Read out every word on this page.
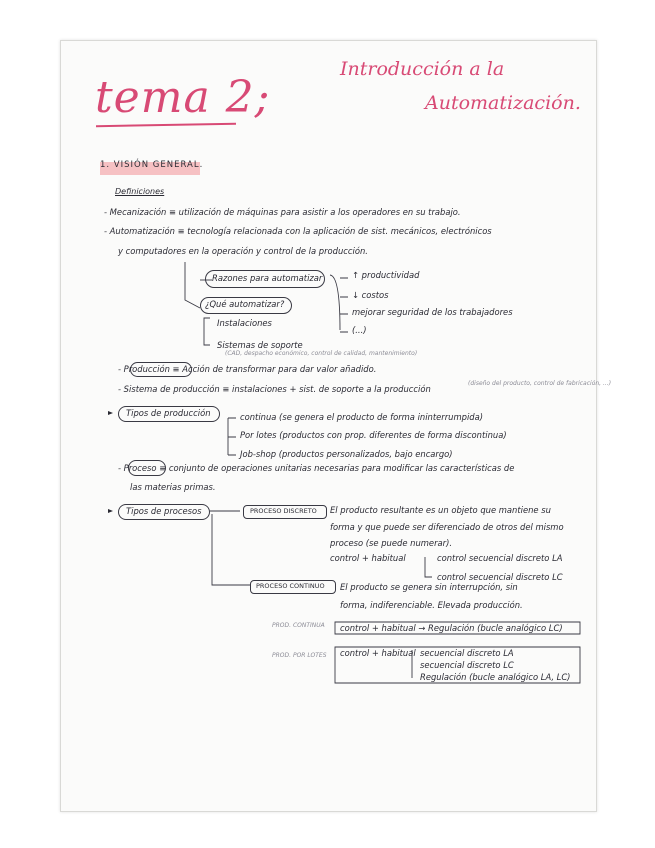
tema 2;
Introducción a la
Automatización.
1. VISIÓN GENERAL.
Definiciones
- Mecanización ≡ utilización de máquinas para asistir a los operadores en su trabajo.
- Automatización ≡ tecnología relacionada con la aplicación de sist. mecánicos, electrónicos
y computadores en la operación y control de la producción.
Razones para automatizar	↑ productividad
↓ costos
mejorar seguridad de los trabajadores
(...)
¿Qué automatizar?
Instalaciones
Sistemas de soporte
(CAD, despacho económico, control de calidad, mantenimiento)
- Producción ≡ Acción de transformar para dar valor añadido.
- Sistema de producción ≡ instalaciones + sist. de soporte a la producción
(diseño del producto, control de fabricación, ...)
Tipos de producción	continua (se genera el producto de forma ininterrumpida)
Por lotes (productos con prop. diferentes de forma discontinua)
Job-shop (productos personalizados, bajo encargo)
- Proceso ≡ conjunto de operaciones unitarias necesarias para modificar las características de
las materias primas.
Tipos de procesos	PROCESO DISCRETO El producto resultante es un objeto que mantiene su
forma y que puede ser diferenciado de otros del mismo
proceso (se puede numerar).
control + habitual	control secuencial discreto LA
control secuencial discreto LC
PROCESO CONTINUO El producto se genera sin interrupción, sin
forma, indiferenciable. Elevada producción.
PROD. CONTINUA control + habitual → Regulación (bucle analógico LC)
PROD. POR LOTES control + habitual secuencial discreto LA
secuencial discreto LC
Regulación (bucle analógico LA, LC)
